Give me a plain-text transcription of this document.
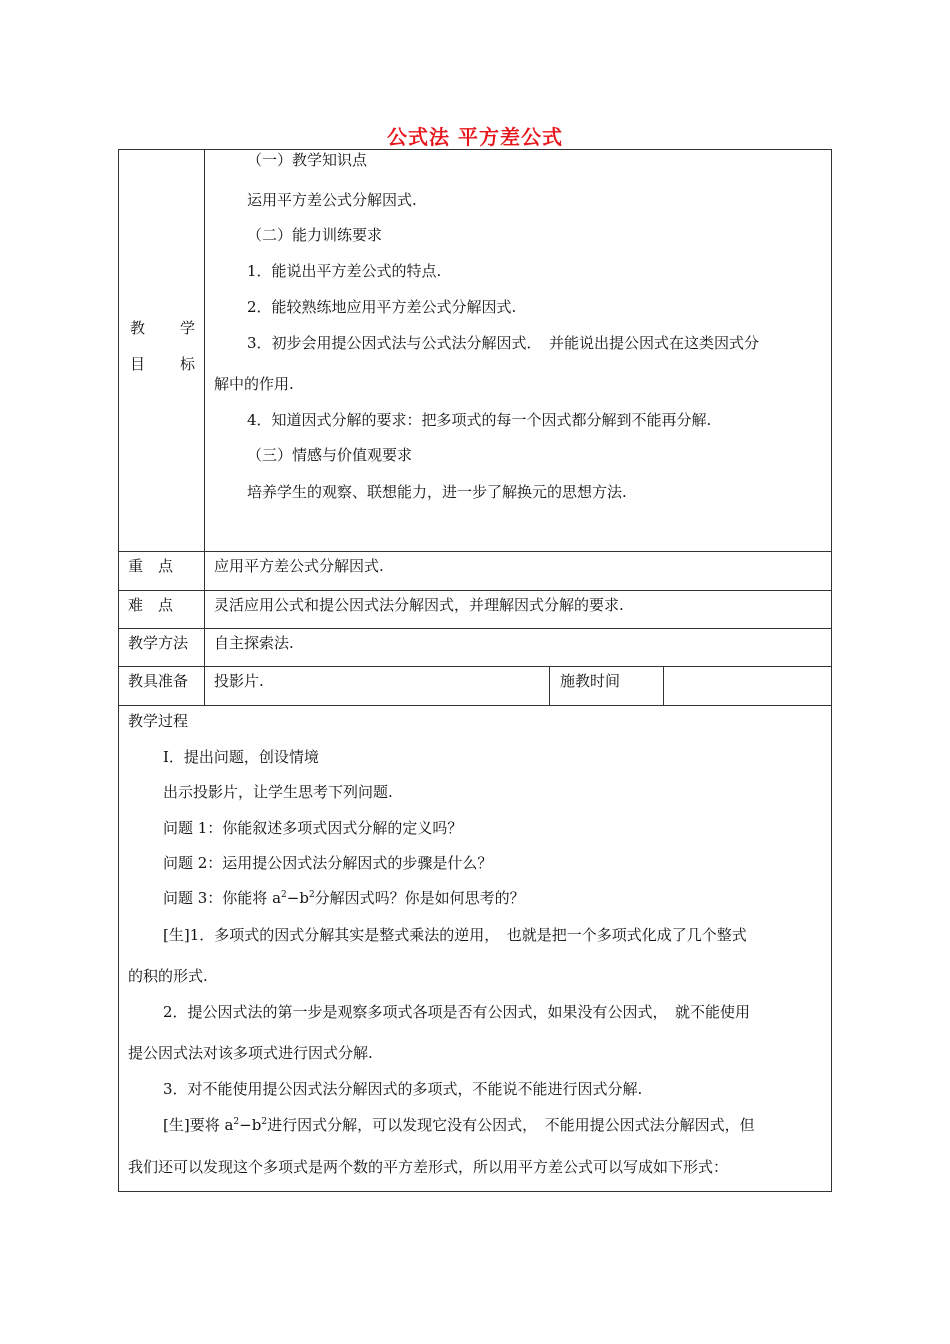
公式法 平方差公式
教 学
目 标
（一）教学知识点
运用平方差公式分解因式.
（二）能力训练要求
1．能说出平方差公式的特点.
2．能较熟练地应用平方差公式分解因式.
3．初步会用提公因式法与公式法分解因式．　并能说出提公因式在这类因式分
解中的作用.
4．知道因式分解的要求：把多项式的每一个因式都分解到不能再分解.
（三）情感与价值观要求
培养学生的观察、联想能力，进一步了解换元的思想方法.
重　点	应用平方差公式分解因式.
难　点	灵活应用公式和提公因式法分解因式，并理解因式分解的要求.
教学方法 自主探索法.
教具准备 投影片.	施教时间
教学过程
Ⅰ．提出问题，创设情境
出示投影片，让学生思考下列问题.
问题 1：你能叙述多项式因式分解的定义吗？
问题 2：运用提公因式法分解因式的步骤是什么？
问题 3：你能将 $a^2-b^2$分解因式吗？你是如何思考的？
[生]1．多项式的因式分解其实是整式乘法的逆用，　也就是把一个多项式化成了几个整式
的积的形式.
2．提公因式法的第一步是观察多项式各项是否有公因式，如果没有公因式，　就不能使用
提公因式法对该多项式进行因式分解.
3．对不能使用提公因式法分解因式的多项式，不能说不能进行因式分解.
[生]要将 $a^2-b^2$进行因式分解，可以发现它没有公因式，　不能用提公因式法分解因式，但
我们还可以发现这个多项式是两个数的平方差形式，所以用平方差公式可以写成如下形式：
